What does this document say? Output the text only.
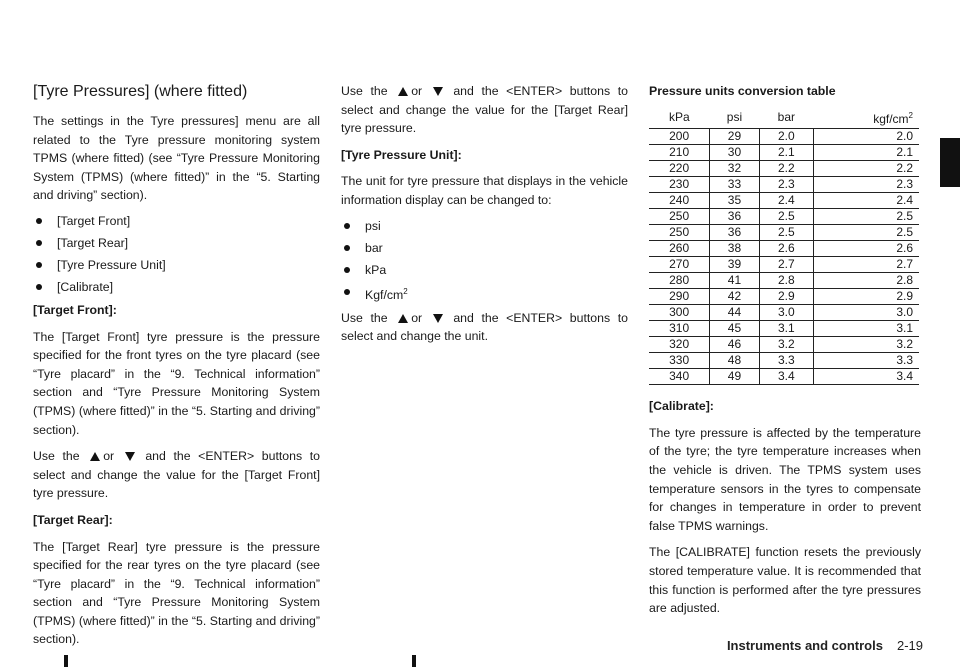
[Tyre Pressures] (where fitted)

The settings in the Tyre pressures] menu are all related to the Tyre pressure monitoring system TPMS (where fitted) (see “Tyre Pressure Monitoring System (TPMS) (where fitted)” in the “5. Starting and driving” section).

[Target Front]
[Target Rear]
[Tyre Pressure Unit]
[Calibrate]

[Target Front]:

The [Target Front] tyre pressure is the pressure specified for the front tyres on the tyre placard (see “Tyre placard” in the “9. Technical information” section and “Tyre Pressure Monitoring System (TPMS) (where fitted)” in the “5. Starting and driving” section).

Use the or	and the <ENTER> buttons to select and change the value for the [Target Front] tyre pressure.

[Target Rear]:

The [Target Rear] tyre pressure is the pressure specified for the rear tyres on the tyre placard (see “Tyre placard” in the “9. Technical information” section and “Tyre Pressure Monitoring System (TPMS) (where fitted)” in the “5. Starting and driving” section).

Use the or	and the <ENTER> buttons to select and change the value for the [Target Rear] tyre pressure.

[Tyre Pressure Unit]:

The unit for tyre pressure that displays in the vehicle information display can be changed to:

psi
bar
kPa
Kgf/$cm^2$

Use the or	and the <ENTER> buttons to select and change the unit.

Pressure units conversion table

kPa	psi	bar	kgf/$cm^2$
200	29	2.0	2.0
210	30	2.1	2.1
220	32	2.2	2.2
230	33	2.3	2.3
240	35	2.4	2.4
250	36	2.5	2.5
250	36	2.5	2.5
260	38	2.6	2.6
270	39	2.7	2.7
280	41	2.8	2.8
290	42	2.9	2.9
300	44	3.0	3.0
310	45	3.1	3.1
320	46	3.2	3.2
330	48	3.3	3.3
340	49	3.4	3.4

[Calibrate]:

The tyre pressure is affected by the temperature of the tyre; the tyre temperature increases when the vehicle is driven. The TPMS system uses temperature sensors in the tyres to compensate for changes in temperature in order to prevent false TPMS warnings.

The [CALIBRATE] function resets the previously stored temperature value. It is recommended that this function is performed after the tyre pressures are adjusted.

Instruments and controls 2-19
